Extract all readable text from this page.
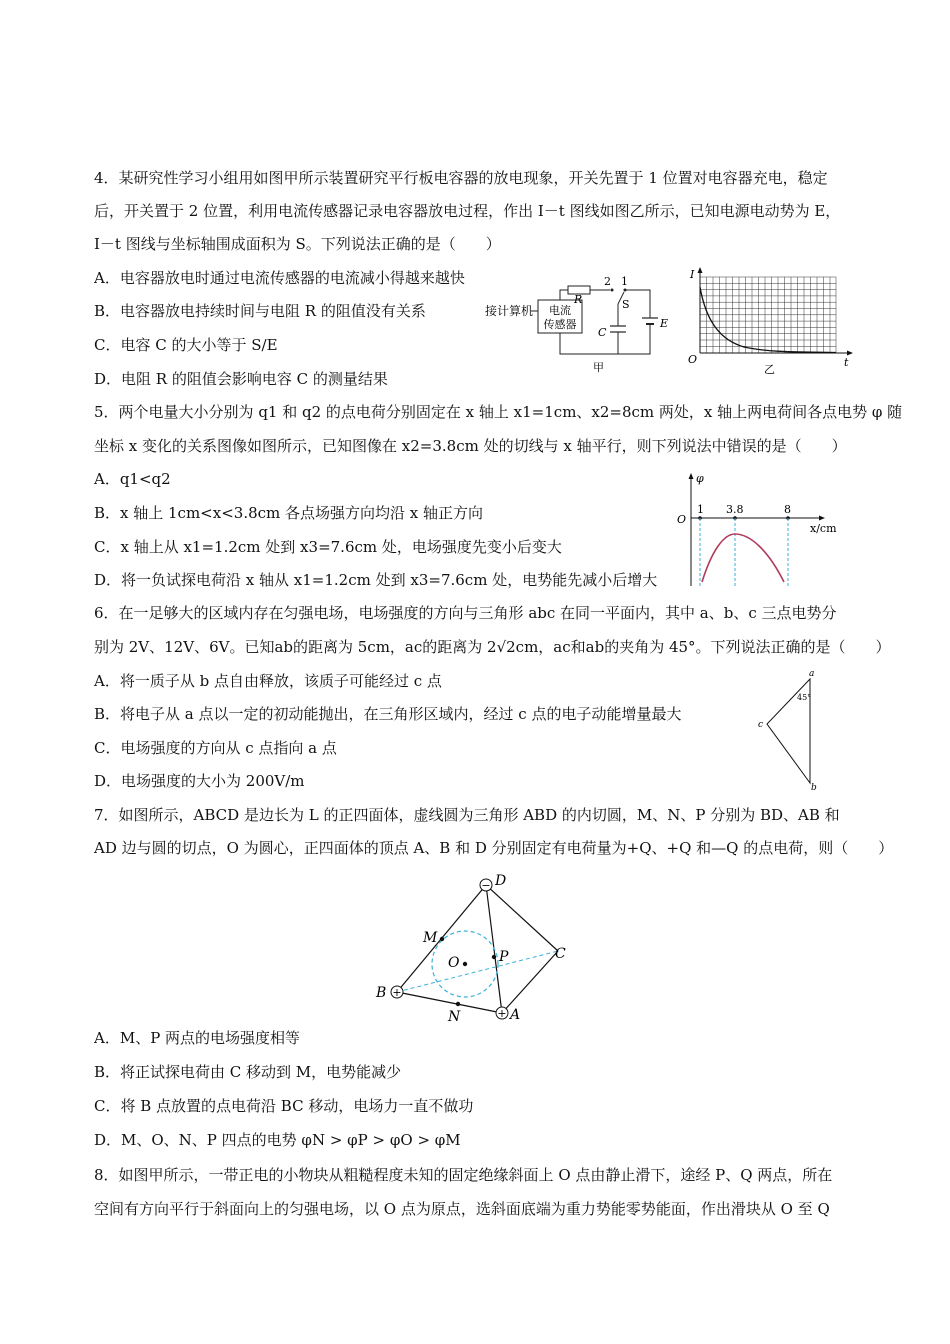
4．某研究性学习小组用如图甲所示装置研究平行板电容器的放电现象，开关先置于 1 位置对电容器充电，稳定
后，开关置于 2 位置，利用电流传感器记录电容器放电过程，作出 I－t 图线如图乙所示，已知电源电动势为 E，
I－t 图线与坐标轴围成面积为 S。下列说法正确的是（　　）
A．电容器放电时通过电流传感器的电流减小得越来越快
B．电容器放电持续时间与电阻 R 的阻值没有关系
C．电容 C 的大小等于 S/E
D．电阻 R 的阻值会影响电容 C 的测量结果
接计算机 电流
传感器
R
2 1
S
E
C
甲
I
t
O
乙
5．两个电量大小分别为 q1 和 q2 的点电荷分别固定在 x 轴上 x1=1cm、x2=8cm 两处，x 轴上两电荷间各点电势 φ 随
坐标 x 变化的关系图像如图所示，已知图像在 x2=3.8cm 处的切线与 x 轴平行，则下列说法中错误的是（　　）
A．q1<q2
B．x 轴上 1cm<x<3.8cm 各点场强方向均沿 x 轴正方向
C．x 轴上从 x1=1.2cm 处到 x3=7.6cm 处，电场强度先变小后变大
D．将一负试探电荷沿 x 轴从 x1=1.2cm 处到 x3=7.6cm 处，电势能先减小后增大
φ
x/cm
O
1 3.8	8
6．在一足够大的区域内存在匀强电场，电场强度的方向与三角形 abc 在同一平面内，其中 a、b、c 三点电势分
别为 2V、12V、6V。已知ab的距离为 5cm，ac的距离为 2√2cm，ac和ab的夹角为 45°。下列说法正确的是（　　）
A．将一质子从 b 点自由释放，该质子可能经过 c 点
B．将电子从 a 点以一定的初动能抛出，在三角形区域内，经过 c 点的电子动能增量最大
C．电场强度的方向从 c 点指向 a 点
D．电场强度的大小为 200V/m
a
c
b
45°
7．如图所示，ABCD 是边长为 L 的正四面体，虚线圆为三角形 ABD 的内切圆，M、N、P 分别为 BD、AB 和
AD 边与圆的切点，O 为圆心，正四面体的顶点 A、B 和 D 分别固定有电荷量为+Q、+Q 和—Q 的点电荷，则（　　）
−
+
+
D
M
O	P	C
B
N	A
A．M、P 两点的电场强度相等
B．将正试探电荷由 C 移动到 M，电势能减少
C．将 B 点放置的点电荷沿 BC 移动，电场力一直不做功
D．M、O、N、P 四点的电势 φN > φP > φO > φM
8．如图甲所示，一带正电的小物块从粗糙程度未知的固定绝缘斜面上 O 点由静止滑下，途经 P、Q 两点，所在
空间有方向平行于斜面向上的匀强电场，以 O 点为原点，选斜面底端为重力势能零势能面，作出滑块从 O 至 Q
